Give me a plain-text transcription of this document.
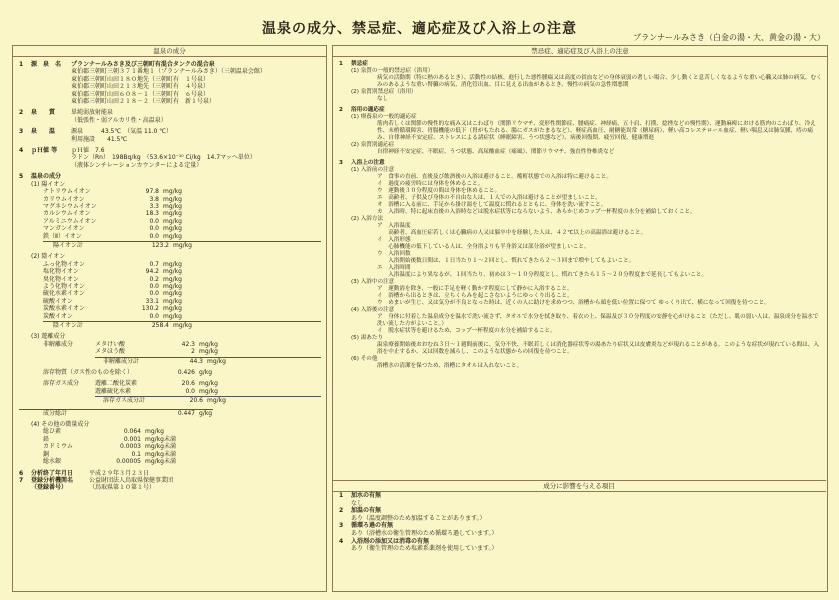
温泉の成分、禁忌症、適応症及び入浴上の注意
プランナールみさき（白金の湯・大、黄金の湯・大）
温泉の成分
1	源　泉　名	プランナールみさき及び三朝町有混合タンクの混合泉
東伯郡三朝町三朝３７１番地１（プランナールみさき）（三朝温泉会館）
東伯郡三朝町山田１８０地先（三朝町有　１号泉）
東伯郡三朝町山田２１３地先（三朝町有　４号泉）
東伯郡三朝町山田６０８－１（三朝町有　６号泉）
東伯郡三朝町山田２１８－２（三朝町有　新１号泉）
2	泉　　質	単純弱放射能泉
（低張性・弱アルカリ性・高温泉）
3	泉　　温	源泉　　　43.5℃　（気温 11.0 ℃）
利用施設　　41.5℃
4	ｐＨ値 等	ｐＨ値　7.6
ラドン（Rn）　198Bq/kg　（53.6×10⁻¹⁰ Ci/kg　14.7マッヘ単位）
（液体シンチレーションカウンターによる定量）
5	温泉の成分
(1) 陽イオン
ナトリウムイオン	97.8 mg/kg
カリウムイオン	3.8 mg/kg
マグネシウムイオン	3.3 mg/kg
カルシウムイオン	18.3 mg/kg
アルミニウムイオン	0.0 mg/kg
マンガンイオン	0.0 mg/kg
鉄（Ⅱ）イオン	0.0 mg/kg
陽イオン計	123.2 mg/kg
(2) 陰イオン
ふっ化物イオン	0.7 mg/kg
塩化物イオン	94.2 mg/kg
臭化物イオン	0.2 mg/kg
よう化物イオン	0.0 mg/kg
硫化水素イオン	0.0 mg/kg
硫酸イオン	33.1 mg/kg
炭酸水素イオン	130.2 mg/kg
炭酸イオン	0.0 mg/kg
陰イオン計	258.4 mg/kg
(3) 遊離成分
非解離成分	メタけい酸	42.3 mg/kg
メタほう酸	2 mg/kg
非解離成分計	44.3 mg/kg
溶存物質（ガス性のものを除く）	0.426 g/kg
溶存ガス成分	遊離二酸化炭素	20.6 mg/kg
遊離硫化水素	0.0 mg/kg
溶存ガス成分計	20.6 mg/kg
成分総計	0.447 g/kg
(4) その他の微量成分
総ひ素	0.064 mg/kg
鉛	0.001 mg/kg未満
カドミウム	0.0003 mg/kg未満
銅	0.1 mg/kg未満
総水銀	0.00005 mg/kg未満
6	分析終了年月日	平成２９年３月２３日
7	登録分析機関名	公益財団法人鳥取県保健事業団
（登録番号）	（鳥取県第１０第１号）
禁忌症、適応症及び入浴上の注意
1	禁忌症
(1) 泉質の一般的禁忌症（浴用）
病気の活動期（特に熱のあるとき）、活動性の結核、進行した悪性腫瘍又は高度の貧血などの身体衰弱の著しい場合、少し動くと息苦しくなるような重い心臓又は肺の病気、むくみのあるような重い腎臓の病気、消化管出血、目に見える出血があるとき、慢性の病気の急性増悪期
(2) 泉質別禁忌症（浴用）
なし
2	浴用の適応症
(1) 療養泉の一般的適応症
筋肉若しくは関節の慢性的な痛み又はこわばり（関節リウマチ、変形性関節症、腰痛症、神経痛、五十肩、打撲、捻挫などの慢性期）、運動麻痺における筋肉のこわばり、冷え性、末梢循環障害、胃腸機能の低下（胃がもたれる、腸にガスがたまるなど）、軽症高血圧、耐糖能異常（糖尿病）、軽い高コレステロール血症、軽い喘息又は肺気腫、痔の痛み、自律神経不安定症、ストレスによる諸症状（睡眠障害、うつ状態など）、病後回復期、疲労回復、健康増進
(2) 泉質別適応症
自律神経不安定症、不眠症、うつ状態、高尿酸血症（痛風）、関節リウマチ、強直性脊椎炎など
3	入浴上の注意
(1) 入浴前の注意
ア　食事の直前、直後及び飲酒後の入浴は避けること。酩酊状態での入浴は特に避けること。
イ　過度の疲労時には身体を休めること。
ウ　運動後３０分程度の間は身体を休めること。
エ　高齢者、子供及び身体の不自由な人は、１人での入浴は避けることが望ましいこと。
オ　浴槽に入る前に、手足から掛け湯をして温度に慣れるとともに、身体を洗い流すこと。
カ　入浴時、特に起床直後の入浴時などは脱水症状等にならないよう、あらかじめコップ一杯程度の水分を補給しておくこと。
(2) 入浴方法
ア　入浴温度
　　高齢者、高血圧症若しくは心臓病の人又は脳卒中を経験した人は、４２℃以上の高温浴は避けること。
イ　入浴形態
　　心肺機能の低下している人は、全身浴よりも半身浴又は部分浴が望ましいこと。
ウ　入浴回数
　　入浴開始後数日間は、１日当たり１～２回とし、慣れてきたら２～３回まで増やしてもよいこと。
エ　入浴時間
　　入浴温度により異なるが、１回当たり、初めは３～１０分程度とし、慣れてきたら１５～２０分程度まで延長してもよいこと。
(3) 入浴中の注意
ア　運動浴を除き、一般に手足を軽く動かす程度にして静かに入浴すること。
イ　浴槽から出るときは、立ちくらみを起こさないようにゆっくり出ること。
ウ　めまいが生じ、又は気分が不良となった時は、近くの人に助けを求めつつ、浴槽から頭を低い位置に保つて ゆっくり出て、横になって回復を待つこと。
(4) 入浴後の注意
ア　身体に付着した温泉成分を温水で洗い流さず、タオルで水分を拭き取り、着衣の上、保温及び３０分程度の安静を心がけること（ただし、肌の弱い人は、温泉成分を温水で洗い流した方がよいこと。）
イ　脱水症状等を避けるため、コップ一杯程度の水分を補給すること。
(5) 湯あたり
温泉療養開始後おおむね３日～１週間前後に、気分不快、不眠若しくは消化器症状等の湯あたり症状又は皮膚炎などが現れることがある。このような症状が現れている間は、入浴を中止するか、又は回数を減らし、このような状態からの回復を待つこと。
(6) その他
浴槽水の清潔を保つため、浴槽にタオルは入れないこと。
成分に影響を与える項目
1	加水の有無
なし
2	加温の有無
あり（温度調整のため加温することがあります。）
3	循環ろ過の有無
あり（浴槽水の衛生管理のため循環ろ過しています。）
4	入浴剤の添加又は消毒の有無
あり（衛生管理のため塩素系薬剤を使用しています。）
